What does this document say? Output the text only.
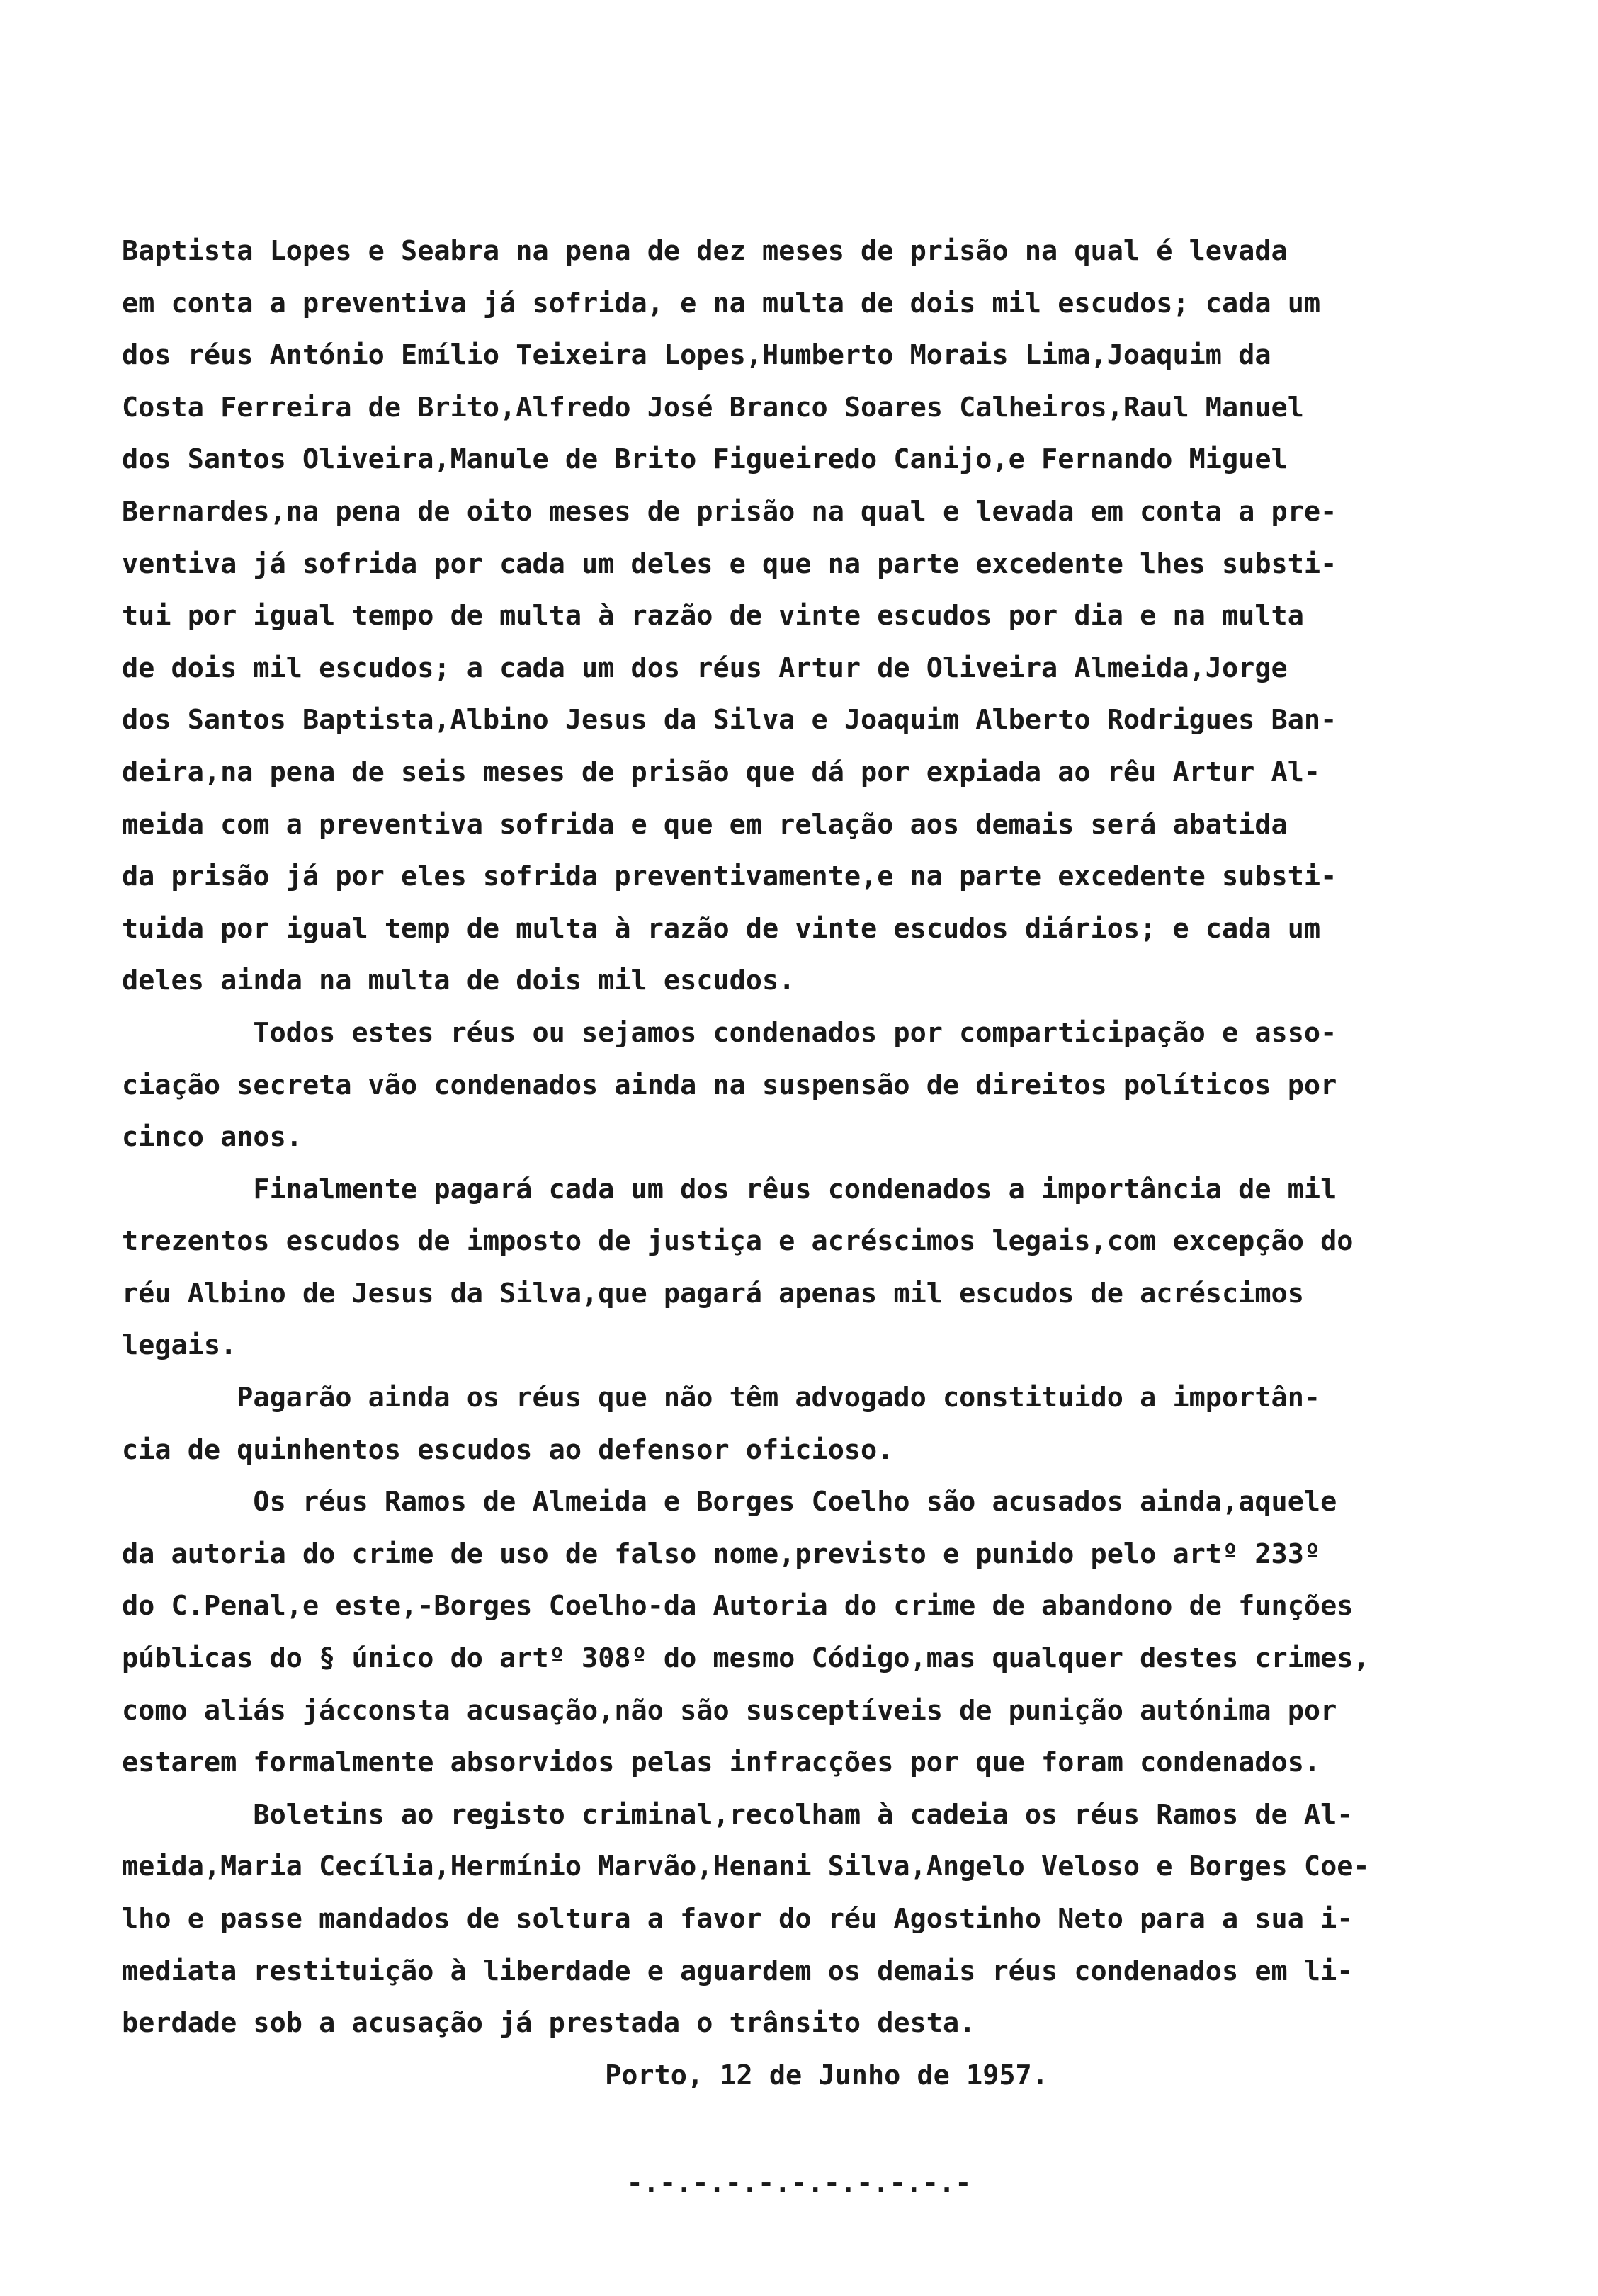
Baptista Lopes e Seabra na pena de dez meses de prisão na qual é levada
em conta a preventiva já sofrida, e na multa de dois mil escudos; cada um
dos réus António Emílio Teixeira Lopes,Humberto Morais Lima,Joaquim da
Costa Ferreira de Brito,Alfredo José Branco Soares Calheiros,Raul Manuel
dos Santos Oliveira,Manule de Brito Figueiredo Canijo,e Fernando Miguel
Bernardes,na pena de oito meses de prisão na qual e levada em conta a pre-
ventiva já sofrida por cada um deles e que na parte excedente lhes substi-
tui por igual tempo de multa à razão de vinte escudos por dia e na multa
de dois mil escudos; a cada um dos réus Artur de Oliveira Almeida,Jorge
dos Santos Baptista,Albino Jesus da Silva e Joaquim Alberto Rodrigues Ban-
deira,na pena de seis meses de prisão que dá por expiada ao rêu Artur Al-
meida com a preventiva sofrida e que em relação aos demais será abatida
da prisão já por eles sofrida preventivamente,e na parte excedente substi-
tuida por igual temp de multa à razão de vinte escudos diários; e cada um
deles ainda na multa de dois mil escudos.
Todos estes réus ou sejamos condenados por comparticipação e asso-
ciação secreta vão condenados ainda na suspensão de direitos políticos por
cinco anos.
Finalmente pagará cada um dos rêus condenados a importância de mil
trezentos escudos de imposto de justiça e acréscimos legais,com excepção do
réu Albino de Jesus da Silva,que pagará apenas mil escudos de acréscimos
legais.
Pagarão ainda os réus que não têm advogado constituido a importân-
cia de quinhentos escudos ao defensor oficioso.
Os réus Ramos de Almeida e Borges Coelho são acusados ainda,aquele
da autoria do crime de uso de falso nome,previsto e punido pelo artº 233º
do C.Penal,e este,-Borges Coelho-da Autoria do crime de abandono de funções
públicas do § único do artº 308º do mesmo Código,mas qualquer destes crimes,
como aliás jácconsta acusação,não são susceptíveis de punição autónima por
estarem formalmente absorvidos pelas infracções por que foram condenados.
Boletins ao registo criminal,recolham à cadeia os réus Ramos de Al-
meida,Maria Cecília,Hermínio Marvão,Henani Silva,Angelo Veloso e Borges Coe-
lho e passe mandados de soltura a favor do réu Agostinho Neto para a sua i-
mediata restituição à liberdade e aguardem os demais réus condenados em li-
berdade sob a acusação já prestada o trânsito desta.
Porto, 12 de Junho de 1957.
-.-.-.-.-.-.-.-.-.-.-
